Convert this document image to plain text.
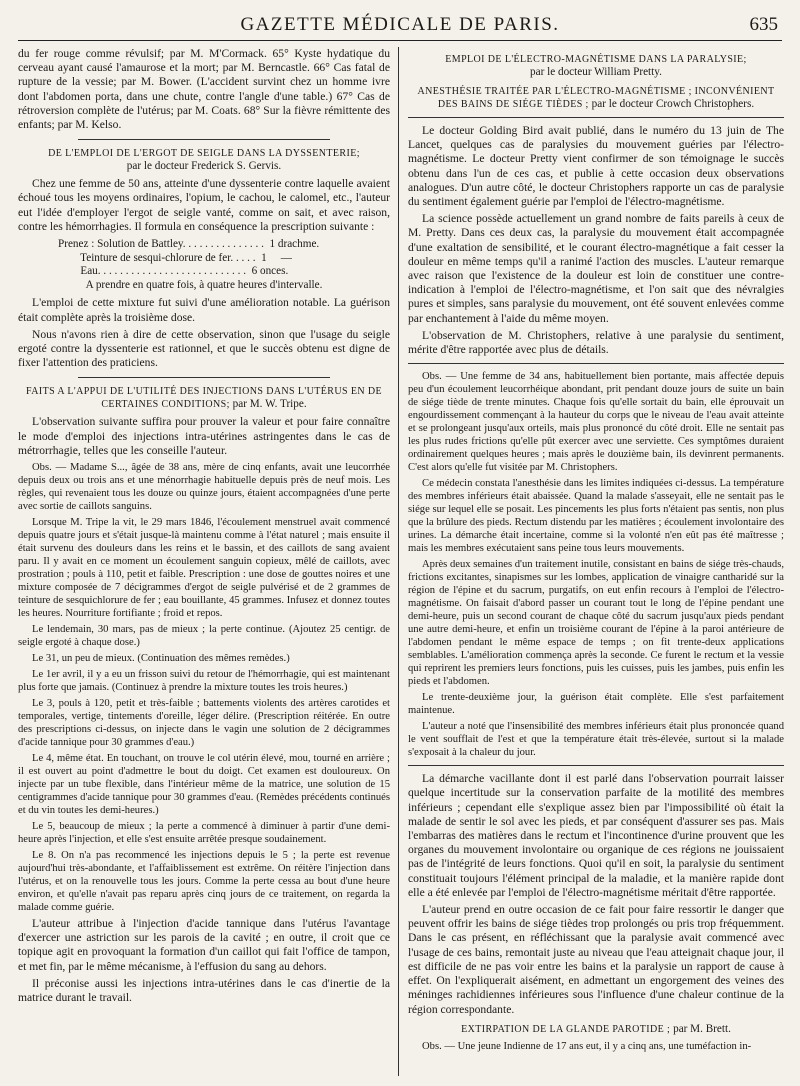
GAZETTE MÉDICALE DE PARIS.	635

du fer rouge comme révulsif; par M. M'Cormack. 65° Kyste hydatique du cerveau ayant causé l'amaurose et la mort; par M. Berncastle. 66° Cas fatal de rupture de la vessie; par M. Bower. (L'accident survint chez un homme ivre dont l'abdomen porta, dans une chute, contre l'angle d'une table.) 67° Cas de rétroversion complète de l'utérus; par M. Coats. 68° Sur la fièvre rémittente des enfants; par M. Kelso.

DE L'EMPLOI DE L'ERGOT DE SEIGLE DANS LA DYSSENTERIE;
par le docteur Frederick S. Gervis.

Chez une femme de 50 ans, atteinte d'une dyssenterie contre laquelle avaient échoué tous les moyens ordinaires, l'opium, le cachou, le calomel, etc., l'auteur eut l'idée d'employer l'ergot de seigle vanté, comme on sait, et avec raison, contre les hémorrhagies. Il formula en conséquence la prescription suivante :

Prenez : Solution de Battley. . . . . . . . . . . . . . .  1 drachme.
Teinture de sesqui-chlorure de fer. . . . .  1     —
Eau. . . . . . . . . . . . . . . . . . . . . . . . . . .  6 onces.
A prendre en quatre fois, à quatre heures d'intervalle.

L'emploi de cette mixture fut suivi d'une amélioration notable. La guérison était complète après la troisième dose.

Nous n'avons rien à dire de cette observation, sinon que l'usage du seigle ergoté contre la dyssenterie est rationnel, et que le succès obtenu est digne de fixer l'attention des praticiens.

FAITS A L'APPUI DE L'UTILITÉ DES INJECTIONS DANS L'UTÉRUS EN DE CERTAINES CONDITIONS; par M. W. Tripe.

L'observation suivante suffira pour prouver la valeur et pour faire connaître le mode d'emploi des injections intra-utérines astringentes dans le cas de métrorrhagie, telles que les conseille l'auteur.

Obs. — Madame S..., âgée de 38 ans, mère de cinq enfants, avait une leucorrhée depuis deux ou trois ans et une ménorrhagie habituelle depuis près de neuf mois. Les règles, qui revenaient tous les douze ou quinze jours, étaient accompagnées d'une perte avec sortie de caillots sanguins.

Lorsque M. Tripe la vit, le 29 mars 1846, l'écoulement menstruel avait commencé depuis quatre jours et s'était jusque-là maintenu comme à l'état naturel ; mais ensuite il était survenu des douleurs dans les reins et le bassin, et des caillots de sang avaient paru. Il y avait en ce moment un écoulement sanguin copieux, mêlé de caillots, avec prostration ; pouls à 110, petit et faible. Prescription : une dose de gouttes noires et une mixture composée de 7 décigrammes d'ergot de seigle pulvérisé et de 2 grammes de teinture de sesquichlorure de fer ; eau bouillante, 45 grammes. Infusez et donnez toutes les heures. Nourriture fortifiante ; froid et repos.

Le lendemain, 30 mars, pas de mieux ; la perte continue. (Ajoutez 25 centigr. de seigle ergoté à chaque dose.)

Le 31, un peu de mieux. (Continuation des mêmes remèdes.)

Le 1er avril, il y a eu un frisson suivi du retour de l'hémorrhagie, qui est maintenant plus forte que jamais. (Continuez à prendre la mixture toutes les trois heures.)

Le 3, pouls à 120, petit et très-faible ; battements violents des artères carotides et temporales, vertige, tintements d'oreille, léger délire. (Prescription réitérée. En outre des prescriptions ci-dessus, on injecte dans le vagin une solution de 2 décigrammes d'acide tannique pour 30 grammes d'eau.)

Le 4, même état. En touchant, on trouve le col utérin élevé, mou, tourné en arrière ; il est ouvert au point d'admettre le bout du doigt. Cet examen est douloureux. On injecte par un tube flexible, dans l'intérieur même de la matrice, une solution de 15 centigrammes d'acide tannique pour 30 grammes d'eau. (Remèdes précédents continués et du vin toutes les demi-heures.)

Le 5, beaucoup de mieux ; la perte a commencé à diminuer à partir d'une demi-heure après l'injection, et elle s'est ensuite arrêtée presque soudainement.

Le 8. On n'a pas recommencé les injections depuis le 5 ; la perte est revenue aujourd'hui très-abondante, et l'affaiblissement est extrême. On réitère l'injection dans l'utérus, et on la renouvelle tous les jours. Comme la perte cessa au bout d'une heure environ, et qu'elle n'avait pas reparu après cinq jours de ce traitement, on regarda la malade comme guérie.

L'auteur attribue à l'injection d'acide tannique dans l'utérus l'avantage d'exercer une astriction sur les parois de la cavité ; en outre, il croit que ce topique agit en provoquant la formation d'un caillot qui fait l'office de tampon, et met fin, par le même mécanisme, à l'effusion du sang au dehors.

Il préconise aussi les injections intra-utérines dans le cas d'inertie de la matrice durant le travail.

EMPLOI DE L'ÉLECTRO-MAGNÉTISME DANS LA PARALYSIE;
par le docteur William Pretty.
ANESTHÉSIE TRAITÉE PAR L'ÉLECTRO-MAGNÉTISME ; INCONVÉNIENT DES BAINS DE SIÉGE TIÈDES ; par le docteur Crowch Christophers.

Le docteur Golding Bird avait publié, dans le numéro du 13 juin de The Lancet, quelques cas de paralysies du mouvement guéries par l'électro-magnétisme. Le docteur Pretty vient confirmer de son témoignage le succès obtenu dans l'un de ces cas, et publie à cette occasion deux observations analogues. D'un autre côté, le docteur Christophers rapporte un cas de paralysie du sentiment également guérie par l'emploi de l'électro-magnétisme.

La science possède actuellement un grand nombre de faits pareils à ceux de M. Pretty. Dans ces deux cas, la paralysie du mouvement était accompagnée d'une exaltation de sensibilité, et le courant électro-magnétique a fait cesser la douleur en même temps qu'il a ranimé l'action des muscles. L'auteur remarque avec raison que l'existence de la douleur est loin de constituer une contre-indication à l'emploi de l'électro-magnétisme, et l'on sait que des névralgies pures et simples, sans paralysie du mouvement, ont été souvent enlevées comme par enchantement à l'aide du même moyen.

L'observation de M. Christophers, relative à une paralysie du sentiment, mérite d'être rapportée avec plus de détails.

Obs. — Une femme de 34 ans, habituellement bien portante, mais affectée depuis peu d'un écoulement leucorrhéique abondant, prit pendant douze jours de suite un bain de siége tiède de trente minutes. Chaque fois qu'elle sortait du bain, elle éprouvait un engourdissement commençant à la hauteur du corps que le niveau de l'eau avait atteinte et se prolongeant jusqu'aux orteils, mais plus prononcé du côté droit. Elle ne sentait pas les plus rudes frictions qu'elle pût exercer avec une serviette. Ces symptômes duraient ordinairement quelques heures ; mais après le douzième bain, ils devinrent permanents. C'est alors qu'elle fut visitée par M. Christophers.

Ce médecin constata l'anesthésie dans les limites indiquées ci-dessus. La température des membres inférieurs était abaissée. Quand la malade s'asseyait, elle ne sentait pas le siége sur lequel elle se posait. Les pincements les plus forts n'étaient pas sentis, non plus que la brûlure des pieds. Rectum distendu par les matières ; écoulement involontaire des urines. La démarche était incertaine, comme si la volonté n'en eût pas été maîtresse ; mais les membres exécutaient sans peine tous leurs mouvements.

Après deux semaines d'un traitement inutile, consistant en bains de siége très-chauds, frictions excitantes, sinapismes sur les lombes, application de vinaigre cantharidé sur la région de l'épine et du sacrum, purgatifs, on eut enfin recours à l'emploi de l'électro-magnétisme. On faisait d'abord passer un courant tout le long de l'épine pendant une demi-heure, puis un second courant de chaque côté du sacrum jusqu'aux pieds pendant une autre demi-heure, et enfin un troisième courant de l'épine à la paroi antérieure de l'abdomen pendant le même espace de temps ; on fit trente-deux applications semblables. L'amélioration commença après la seconde. Ce furent le rectum et la vessie qui reprirent les premiers leurs fonctions, puis les cuisses, puis les jambes, puis enfin les pieds et l'abdomen.

Le trente-deuxième jour, la guérison était complète. Elle s'est parfaitement maintenue.

L'auteur a noté que l'insensibilité des membres inférieurs était plus prononcée quand le vent soufflait de l'est et que la température était très-élevée, surtout si la malade s'exposait à la chaleur du jour.

La démarche vacillante dont il est parlé dans l'observation pourrait laisser quelque incertitude sur la conservation parfaite de la motilité des membres inférieurs ; cependant elle s'explique assez bien par l'impossibilité où était la malade de sentir le sol avec les pieds, et par conséquent d'assurer ses pas. Mais l'embarras des matières dans le rectum et l'incontinence d'urine prouvent que les organes du mouvement involontaire ou organique de ces régions ne jouissaient pas de l'intégrité de leurs fonctions. Quoi qu'il en soit, la paralysie du sentiment constituait toujours l'élément principal de la maladie, et la manière rapide dont elle a été enlevée par l'emploi de l'électro-magnétisme méritait d'être rapportée.

L'auteur prend en outre occasion de ce fait pour faire ressortir le danger que peuvent offrir les bains de siége tièdes trop prolongés ou pris trop fréquemment. Dans le cas présent, en réfléchissant que la paralysie avait commencé avec l'usage de ces bains, remontait juste au niveau que l'eau atteignait chaque jour, il est difficile de ne pas voir entre les bains et la paralysie un rapport de cause à effet. On l'expliquerait aisément, en admettant un engorgement des veines des méninges rachidiennes inférieures sous l'influence d'une chaleur continue de la région correspondante.

EXTIRPATION DE LA GLANDE PAROTIDE ; par M. Brett.

Obs. — Une jeune Indienne de 17 ans eut, il y a cinq ans, une tuméfaction in-
